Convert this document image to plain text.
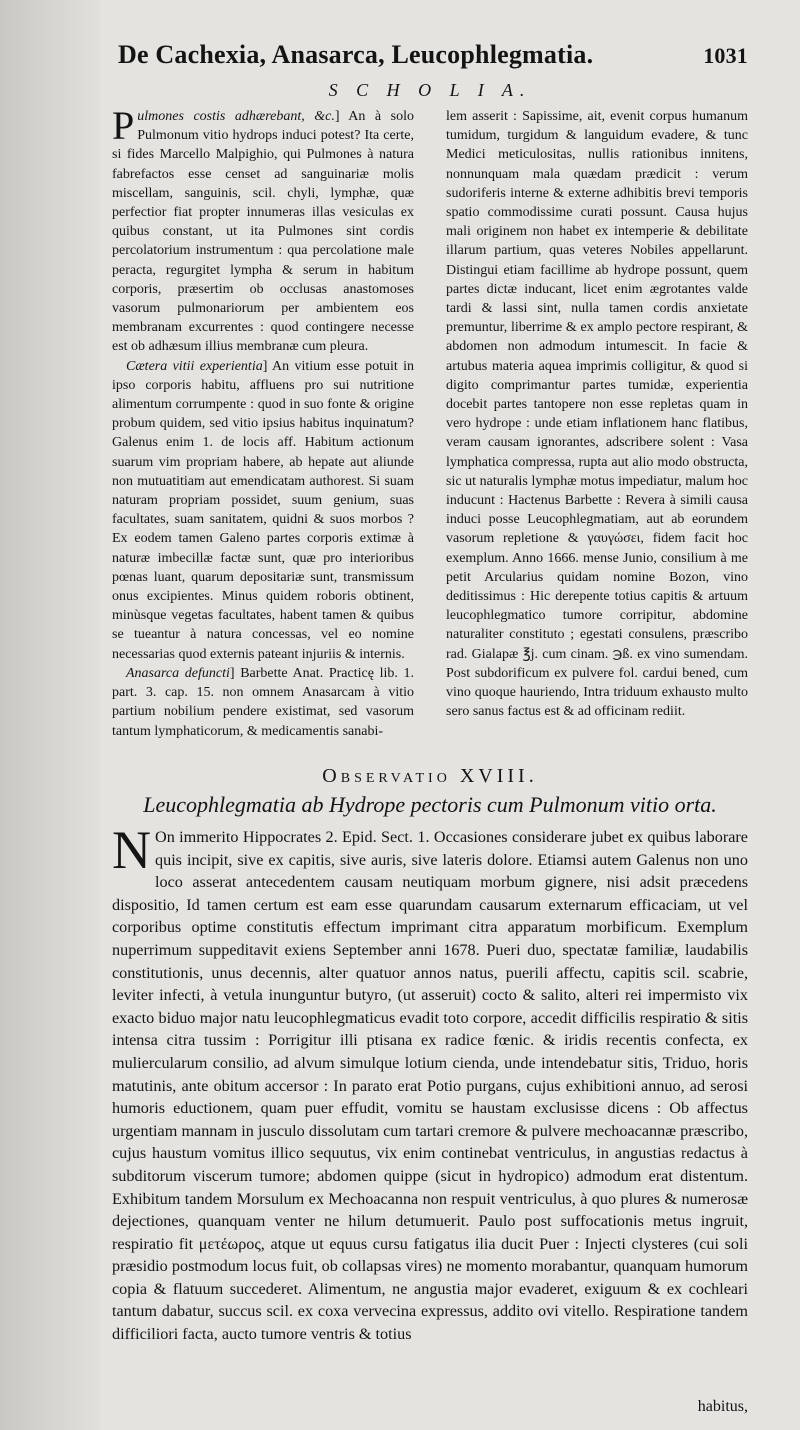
De Cachexia, Anasarca, Leucophlegmatia.	1031
S C H O L I A.

Pulmones costis adhærebant, &c.] An à solo Pulmonum vitio hydrops induci potest? Ita certe, si fides Marcello Malpighio, qui Pulmones à natura fabrefactos esse censet ad sanguinariæ molis miscellam, sanguinis, scil. chyli, lymphæ, quæ perfectior fiat propter innumeras illas vesiculas ex quibus constant, ut ita Pulmones sint cordis percolatorium instrumentum : qua percolatione male peracta, regurgitet lympha & serum in habitum corporis, præsertim ob occlusas anastomoses vasorum pulmonariorum per ambientem eos membranam excurrentes : quod contingere necesse est ob adhæsum illius membranæ cum pleura.

Cætera vitii experientia] An vitium esse potuit in ipso corporis habitu, affluens pro sui nutritione alimentum corrumpente : quod in suo fonte & origine probum quidem, sed vitio ipsius habitus inquinatum? Galenus enim 1. de locis aff. Habitum actionum suarum vim propriam habere, ab hepate aut aliunde non mutuatitiam aut emendicatam authorest. Si suam naturam propriam possidet, suum genium, suas facultates, suam sanitatem, quidni & suos morbos ? Ex eodem tamen Galeno partes corporis extimæ à naturæ imbecillæ factæ sunt, quæ pro interioribus pœnas luant, quarum depositariæ sunt, transmissum onus excipientes. Minus quidem roboris obtinent, minùsque vegetas facultates, habent tamen & quibus se tueantur à natura concessas, vel eo nomine necessarias quod externis pateant injuriis & internis.

Anasarca defuncti] Barbette Anat. Practicę lib. 1. part. 3. cap. 15. non omnem Anasarcam à vitio partium nobilium pendere existimat, sed vasorum tantum lymphaticorum, & medicamentis sanabi-

lem asserit : Sapissime, ait, evenit corpus humanum tumidum, turgidum & languidum evadere, & tunc Medici meticulositas, nullis rationibus innitens, nonnunquam mala quædam prædicit : verum sudoriferis interne & externe adhibitis brevi temporis spatio commodissime curati possunt. Causa hujus mali originem non habet ex intemperie & debilitate illarum partium, quas veteres Nobiles appellarunt. Distingui etiam facillime ab hydrope possunt, quem partes dictæ inducant, licet enim ægrotantes valde tardi & lassi sint, nulla tamen cordis anxietate premuntur, liberrime & ex amplo pectore respirant, & abdomen non admodum intumescit. In facie & artubus materia aquea imprimis colligitur, & quod si digito comprimantur partes tumidæ, experientia docebit partes tantopere non esse repletas quam in vero hydrope : unde etiam inflationem hanc flatibus, veram causam ignorantes, adscribere solent : Vasa lymphatica compressa, rupta aut alio modo obstructa, sic ut naturalis lymphæ motus impediatur, malum hoc inducunt : Hactenus Barbette : Revera à simili causa induci posse Leucophlegmatiam, aut ab eorundem vasorum repletione & γαυγώσει, fidem facit hoc exemplum. Anno 1666. mense Junio, consilium à me petit Arcularius quidam nomine Bozon, vino deditissimus : Hic derepente totius capitis & artuum leucophlegmatico tumore corripitur, abdomine naturaliter constituto ; egestati consulens, præscribo rad. Gialapæ ℥j. cum cinam. ℈ß. ex vino sumendam. Post subdorificum ex pulvere fol. cardui bened, cum vino quoque hauriendo, Intra triduum exhausto multo sero sanus factus est & ad officinam rediit.

Observatio XVIII.
Leucophlegmatia ab Hydrope pectoris cum Pulmonum vitio orta.
N On immerito Hippocrates 2. Epid. Sect. 1. Occasiones considerare jubet ex quibus laborare quis incipit, sive ex capitis, sive auris, sive lateris dolore. Etiamsi autem Galenus non uno loco asserat antecedentem causam neutiquam morbum gignere, nisi adsit præcedens dispositio, Id tamen certum est eam esse quarundam causarum externarum efficaciam, ut vel corporibus optime constitutis effectum imprimant citra apparatum morbificum. Exemplum nuperrimum suppeditavit exiens September anni 1678. Pueri duo, spectatæ familiæ, laudabilis constitutionis, unus decennis, alter quatuor annos natus, puerili affectu, capitis scil. scabrie, leviter infecti, à vetula inunguntur butyro, (ut asseruit) cocto & salito, alteri rei impermisto vix exacto biduo major natu leucophlegmaticus evadit toto corpore, accedit difficilis respiratio & sitis intensa citra tussim : Porrigitur illi ptisana ex radice fœnic. & iridis recentis confecta, ex muliercularum consilio, ad alvum simulque lotium cienda, unde intendebatur sitis, Triduo, horis matutinis, ante obitum accersor : In parato erat Potio purgans, cujus exhibitioni annuo, ad serosi humoris eductionem, quam puer effudit, vomitu se haustam exclusisse dicens : Ob affectus urgentiam mannam in jusculo dissolutam cum tartari cremore & pulvere mechoacannæ præscribo, cujus haustum vomitus illico sequutus, vix enim continebat ventriculus, in angustias redactus à subditorum viscerum tumore; abdomen quippe (sicut in hydropico) admodum erat distentum. Exhibitum tandem Morsulum ex Mechoacanna non respuit ventriculus, à quo plures & numerosæ dejectiones, quanquam venter ne hilum detumuerit. Paulo post suffocationis metus ingruit, respiratio fit μετέωρος, atque ut equus cursu fatigatus ilia ducit Puer : Injecti clysteres (cui soli præsidio postmodum locus fuit, ob collapsas vires) ne momento morabantur, quanquam humorum copia & flatuum succederet. Alimentum, ne angustia major evaderet, exiguum & ex cochleari tantum dabatur, succus scil. ex coxa vervecina expressus, addito ovi vitello. Respiratione tandem difficiliori facta, aucto tumore ventris & totius
habitus,
